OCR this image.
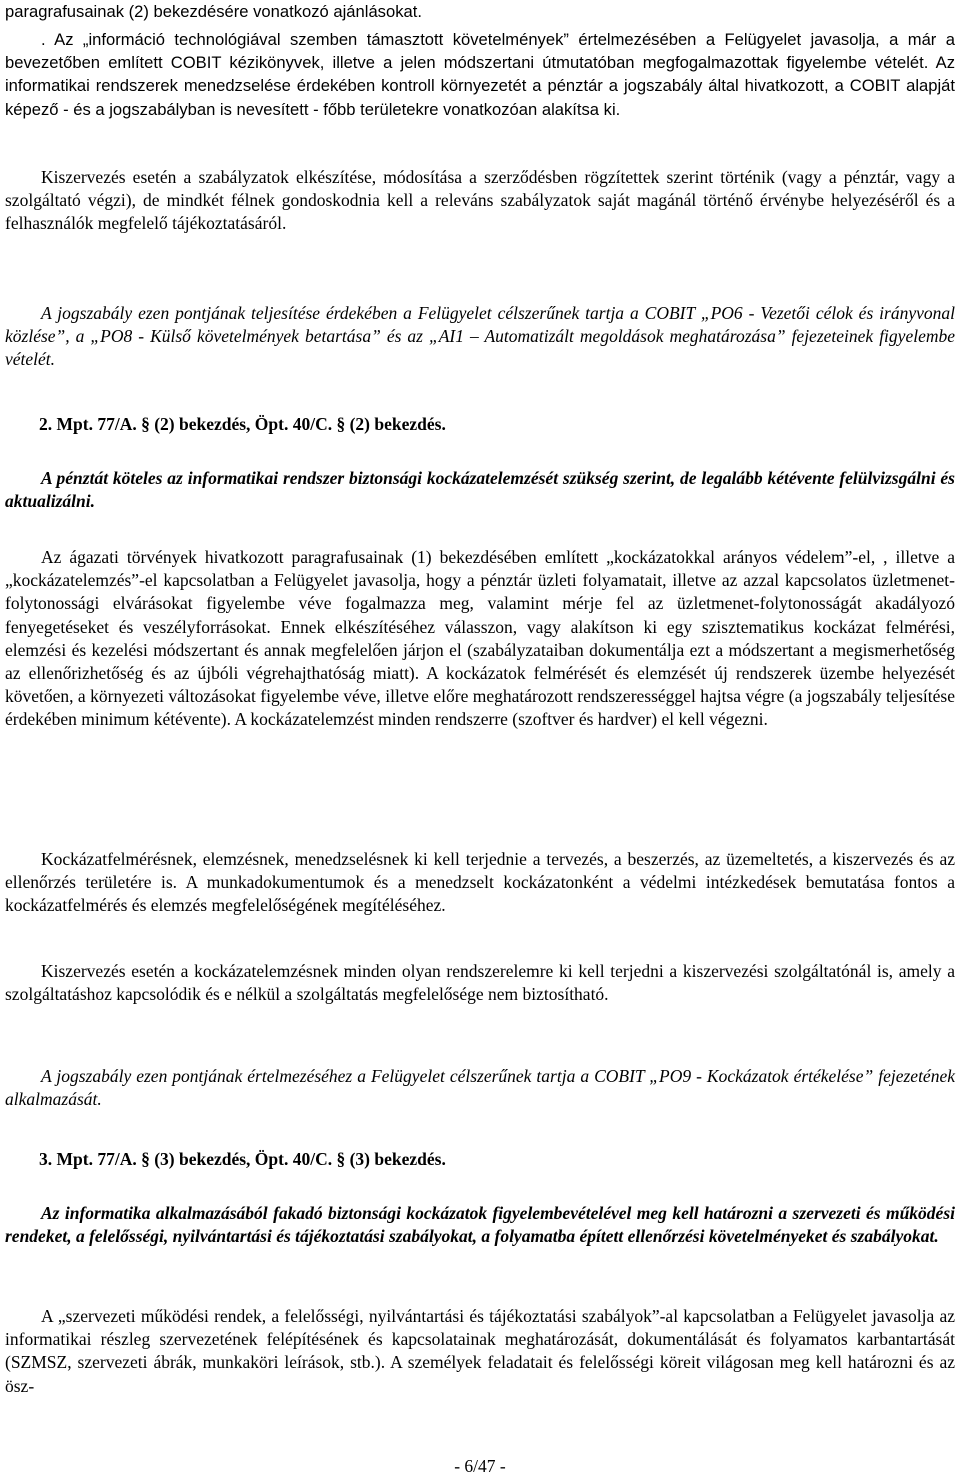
paragrafusainak (2) bekezdésére vonatkozó ajánlásokat.

. Az „információ technológiával szemben támasztott követelmények” értelmezésében a Felügyelet javasolja, a már a bevezetőben említett COBIT kézikönyvek, illetve a jelen módszertani útmutatóban megfogalmazottak figyelembe vételét. Az informatikai rendszerek menedzselése érdekében kontroll környezetét a pénztár a jogszabály által hivatkozott, a COBIT alapját képező - és a jogszabályban is nevesített - főbb területekre vonatkozóan alakítsa ki.

Kiszervezés esetén a szabályzatok elkészítése, módosítása a szerződésben rögzítettek szerint történik (vagy a pénztár, vagy a szolgáltató végzi), de mindkét félnek gondoskodnia kell a releváns szabályzatok saját magánál történő érvénybe helyezéséről és a felhasználók megfelelő tájékoztatásáról.

A jogszabály ezen pontjának teljesítése érdekében a Felügyelet célszerűnek tartja a COBIT „PO6 - Vezetői célok és irányvonal közlése”, a „PO8 - Külső követelmények betartása” és az „AI1 – Automatizált megoldások meghatározása” fejezeteinek figyelembe vételét.

2. Mpt. 77/A. § (2) bekezdés, Öpt. 40/C. § (2) bekezdés.

A pénztát köteles az informatikai rendszer biztonsági kockázatelemzését szükség szerint, de legalább kétévente felülvizsgálni és aktualizálni.

Az ágazati törvények hivatkozott paragrafusainak (1) bekezdésében említett „kockázatokkal arányos védelem”-el, , illetve a „kockázatelemzés”-el kapcsolatban a Felügyelet javasolja, hogy a pénztár üzleti folyamatait, illetve az azzal kapcsolatos üzletmenet-folytonossági elvárásokat figyelembe véve fogalmazza meg, valamint mérje fel az üzletmenet-folytonosságát akadályozó fenyegetéseket és veszélyforrásokat. Ennek elkészítéséhez válasszon, vagy alakítson ki egy szisztematikus kockázat felmérési, elemzési és kezelési módszertant és annak megfelelően járjon el (szabályzataiban dokumentálja ezt a módszertant a megismerhetőség az ellenőrizhetőség és az újbóli végrehajthatóság miatt). A kockázatok felmérését és elemzését új rendszerek üzembe helyezését követően, a környezeti változásokat figyelembe véve, illetve előre meghatározott rendszerességgel hajtsa végre (a jogszabály teljesítése érdekében minimum kétévente). A kockázatelemzést minden rendszerre (szoftver és hardver) el kell végezni.

Kockázatfelmérésnek, elemzésnek, menedzselésnek ki kell terjednie a tervezés, a beszerzés, az üzemeltetés, a kiszervezés és az ellenőrzés területére is. A munkadokumentumok és a menedzselt kockázatonként a védelmi intézkedések bemutatása fontos a kockázatfelmérés és elemzés megfelelőségének megítéléséhez.

Kiszervezés esetén a kockázatelemzésnek minden olyan rendszerelemre ki kell terjedni a kiszervezési szolgáltatónál is, amely a szolgáltatáshoz kapcsolódik és e nélkül a szolgáltatás megfelelősége nem biztosítható.

A jogszabály ezen pontjának értelmezéséhez a Felügyelet célszerűnek tartja a COBIT „PO9 - Kockázatok értékelése” fejezetének alkalmazását.

3. Mpt. 77/A. § (3) bekezdés, Öpt. 40/C. § (3) bekezdés.

Az informatika alkalmazásából fakadó biztonsági kockázatok figyelembevételével meg kell határozni a szervezeti és működési rendeket, a felelősségi, nyilvántartási és tájékoztatási szabályokat, a folyamatba épített ellenőrzési követelményeket és szabályokat.

A „szervezeti működési rendek, a felelősségi, nyilvántartási és tájékoztatási szabályok”-al kapcsolatban a Felügyelet javasolja az informatikai részleg szervezetének felépítésének és kapcsolatainak meghatározását, dokumentálását és folyamatos karbantartását (SZMSZ, szervezeti ábrák, munkaköri leírások, stb.). A személyek feladatait és felelősségi köreit világosan meg kell határozni és az ösz-

- 6/47 -
